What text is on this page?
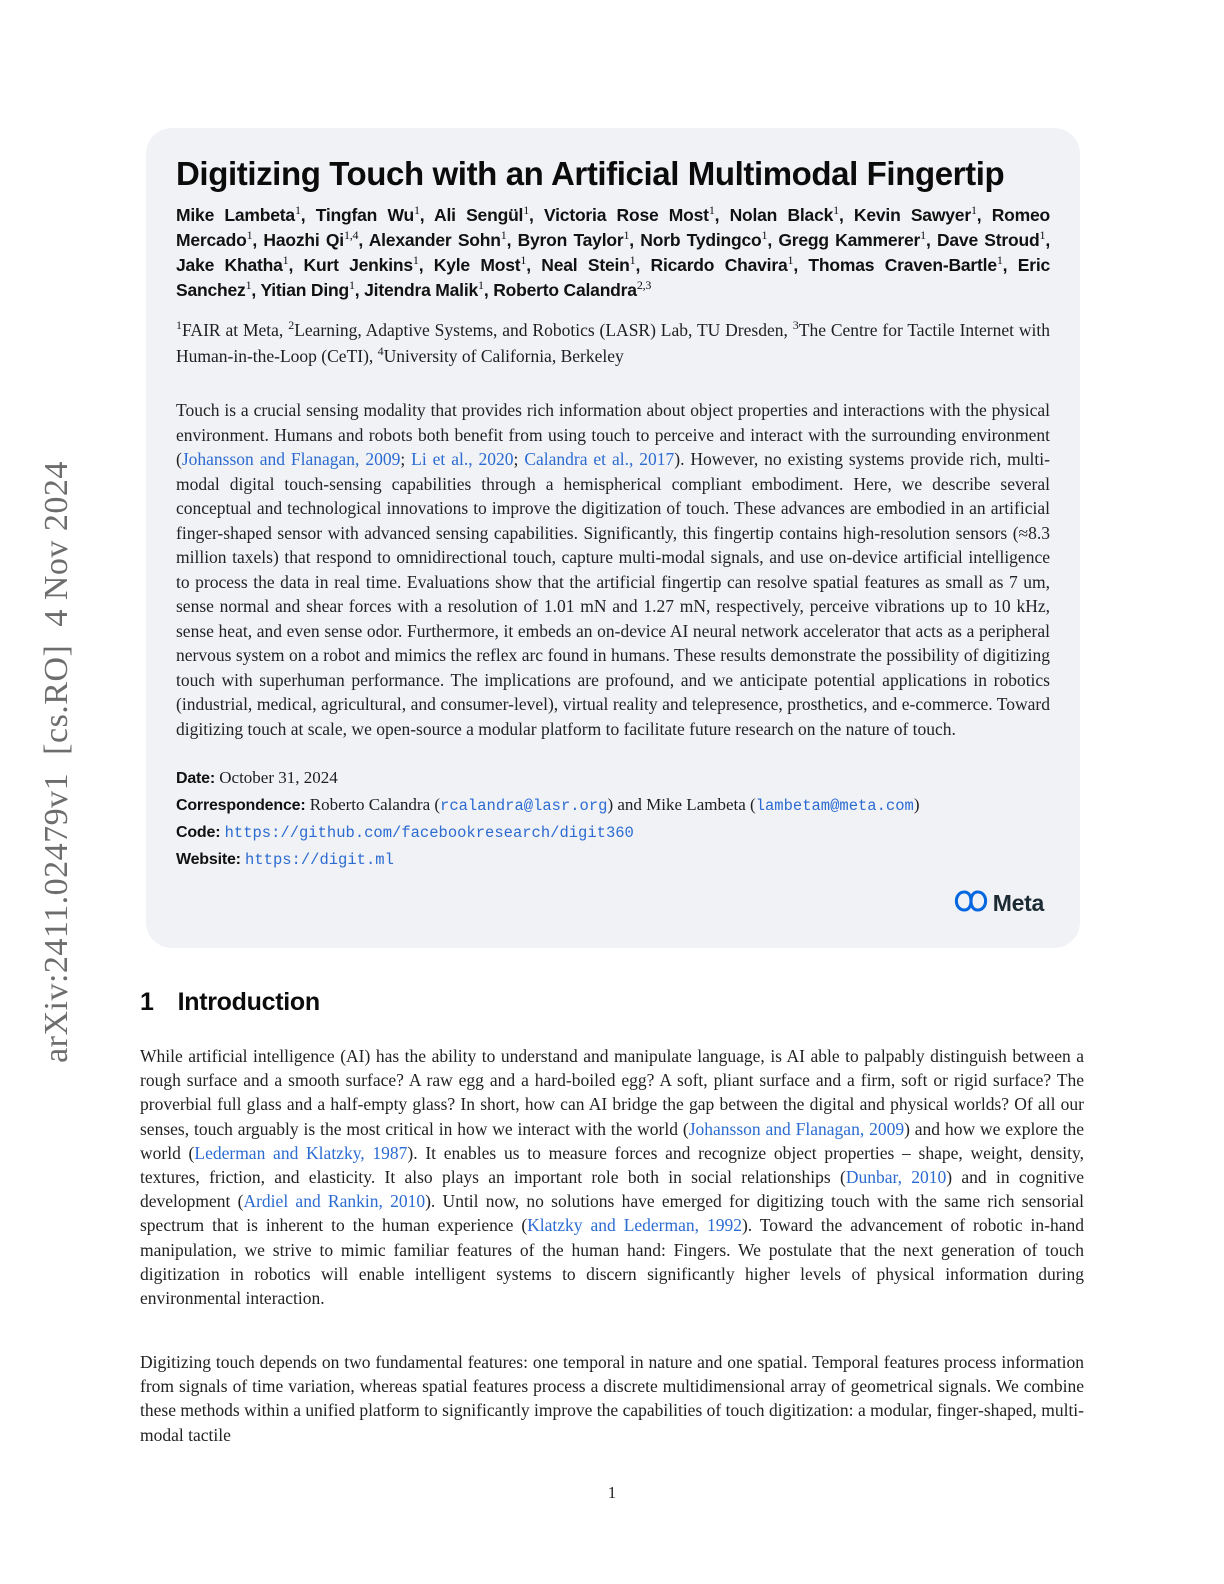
arXiv:2411.02479v1  [cs.RO]  4 Nov 2024
Digitizing Touch with an Artificial Multimodal Fingertip
Mike Lambeta$^1$, Tingfan Wu$^1$, Ali Sengül$^1$, Victoria Rose Most$^1$, Nolan Black$^1$, Kevin Sawyer$^1$, Romeo Mercado$^1$, Haozhi Qi$^{1,4}$, Alexander Sohn$^1$, Byron Taylor$^1$, Norb Tydingco$^1$, Gregg Kammerer$^1$, Dave Stroud$^1$, Jake Khatha$^1$, Kurt Jenkins$^1$, Kyle Most$^1$, Neal Stein$^1$, Ricardo Chavira$^1$, Thomas Craven-Bartle$^1$, Eric Sanchez$^1$, Yitian Ding$^1$, Jitendra Malik$^1$, Roberto Calandra$^{2,3}$
$^1$FAIR at Meta, $^2$Learning, Adaptive Systems, and Robotics (LASR) Lab, TU Dresden, $^3$The Centre for Tactile Internet with Human-in-the-Loop (CeTI), $^4$University of California, Berkeley
Touch is a crucial sensing modality that provides rich information about object properties and interactions with the physical environment. Humans and robots both benefit from using touch to perceive and interact with the surrounding environment (Johansson and Flanagan, 2009; Li et al., 2020; Calandra et al., 2017). However, no existing systems provide rich, multi-modal digital touch-sensing capabilities through a hemispherical compliant embodiment. Here, we describe several conceptual and technological innovations to improve the digitization of touch. These advances are embodied in an artificial finger-shaped sensor with advanced sensing capabilities. Significantly, this fingertip contains high-resolution sensors (≈8.3 million taxels) that respond to omnidirectional touch, capture multi-modal signals, and use on-device artificial intelligence to process the data in real time. Evaluations show that the artificial fingertip can resolve spatial features as small as 7 um, sense normal and shear forces with a resolution of 1.01 mN and 1.27 mN, respectively, perceive vibrations up to 10 kHz, sense heat, and even sense odor. Furthermore, it embeds an on-device AI neural network accelerator that acts as a peripheral nervous system on a robot and mimics the reflex arc found in humans. These results demonstrate the possibility of digitizing touch with superhuman performance. The implications are profound, and we anticipate potential applications in robotics (industrial, medical, agricultural, and consumer-level), virtual reality and telepresence, prosthetics, and e-commerce. Toward digitizing touch at scale, we open-source a modular platform to facilitate future research on the nature of touch.
Date: October 31, 2024
Correspondence: Roberto Calandra (rcalandra@lasr.org) and Mike Lambeta (lambetam@meta.com)
Code: https://github.com/facebookresearch/digit360
Website: https://digit.ml
Meta
1 Introduction

While artificial intelligence (AI) has the ability to understand and manipulate language, is AI able to palpably distinguish between a rough surface and a smooth surface? A raw egg and a hard-boiled egg? A soft, pliant surface and a firm, soft or rigid surface? The proverbial full glass and a half-empty glass? In short, how can AI bridge the gap between the digital and physical worlds? Of all our senses, touch arguably is the most critical in how we interact with the world (Johansson and Flanagan, 2009) and how we explore the world (Lederman and Klatzky, 1987). It enables us to measure forces and recognize object properties – shape, weight, density, textures, friction, and elasticity. It also plays an important role both in social relationships (Dunbar, 2010) and in cognitive development (Ardiel and Rankin, 2010). Until now, no solutions have emerged for digitizing touch with the same rich sensorial spectrum that is inherent to the human experience (Klatzky and Lederman, 1992). Toward the advancement of robotic in-hand manipulation, we strive to mimic familiar features of the human hand: Fingers. We postulate that the next generation of touch digitization in robotics will enable intelligent systems to discern significantly higher levels of physical information during environmental interaction.

Digitizing touch depends on two fundamental features: one temporal in nature and one spatial. Temporal features process information from signals of time variation, whereas spatial features process a discrete multidimensional array of geometrical signals. We combine these methods within a unified platform to significantly improve the capabilities of touch digitization: a modular, finger-shaped, multi-modal tactile

1
